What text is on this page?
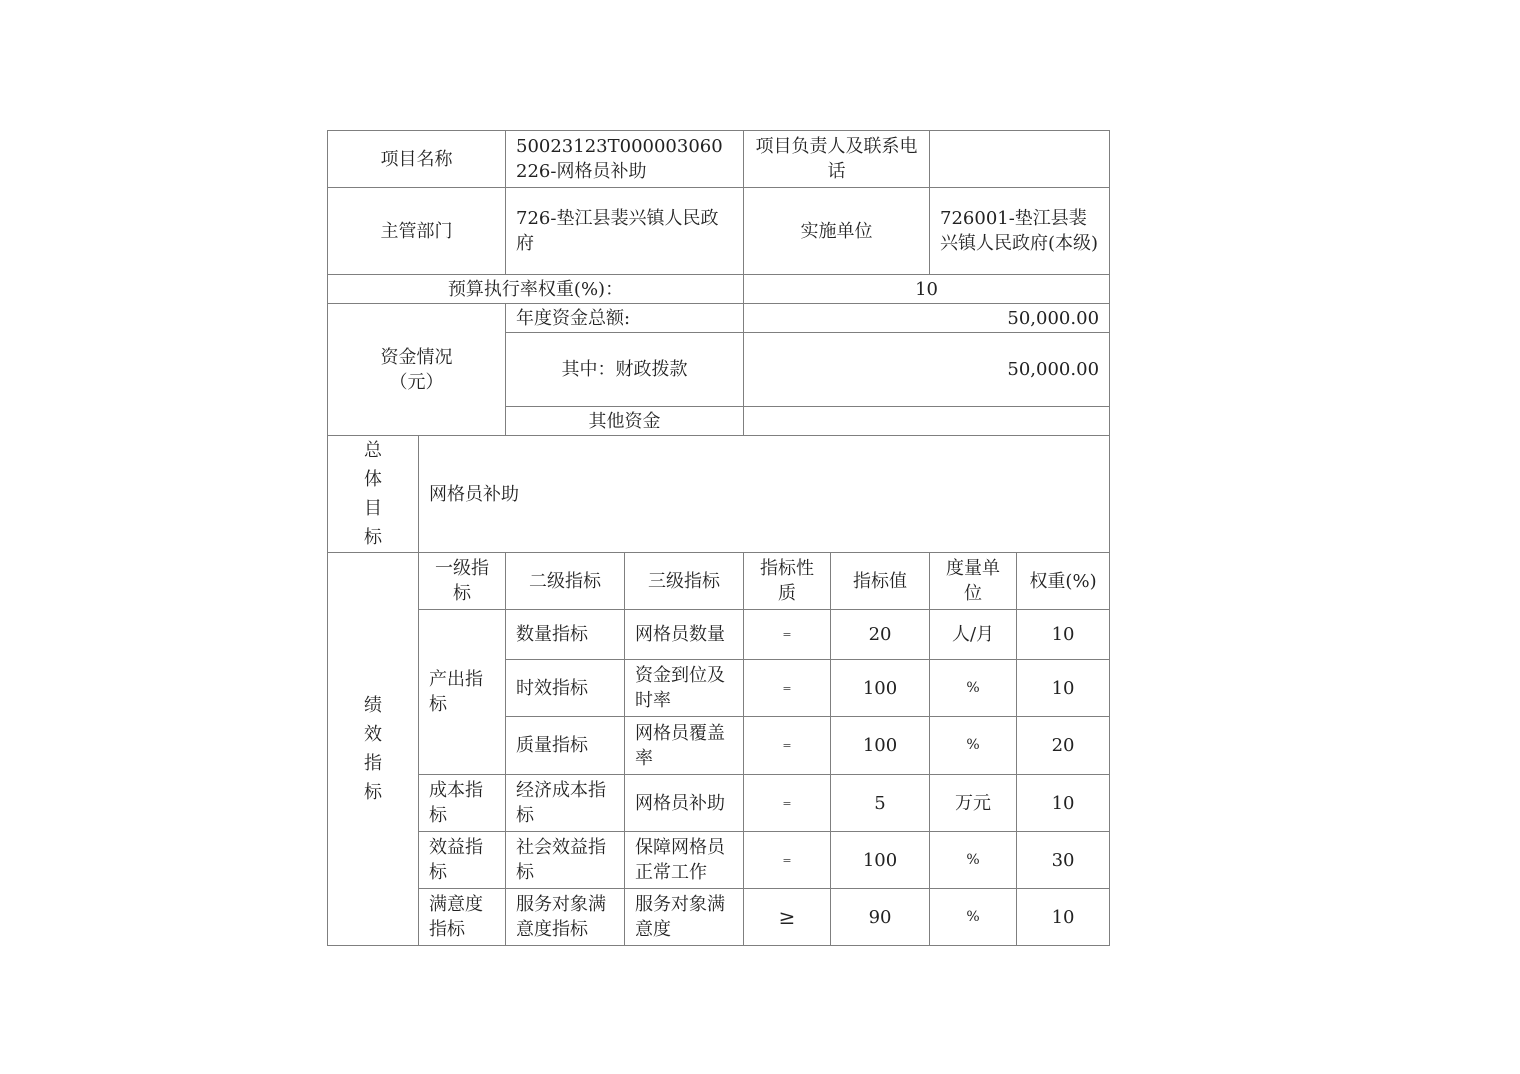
项目名称		50023123T000003060226-网格员补助		项目负责人及联系电话			
主管部门		726-垫江县裴兴镇人民政府		实施单位		726001-垫江县裴兴镇人民政府(本级)	
预算执行率权重(%)：				10			
资金情况（元）		年度资金总额:		50,000.00			
		其中：财政拨款		50,000.00			
		其他资金					
总体目标	网格员补助						
绩效指标	一级指标	二级指标	三级指标	指标性质	指标值	度量单位	权重(%)
	产出指标	数量指标	网格员数量	=	20	人/月	10
		时效指标	资金到位及时率	=	100	%	10
		质量指标	网格员覆盖率	=	100	%	20
	成本指标	经济成本指标	网格员补助	=	5	万元	10
	效益指标	社会效益指标	保障网格员正常工作	=	100	%	30
	满意度指标	服务对象满意度指标	服务对象满意度	≥	90	%	10
